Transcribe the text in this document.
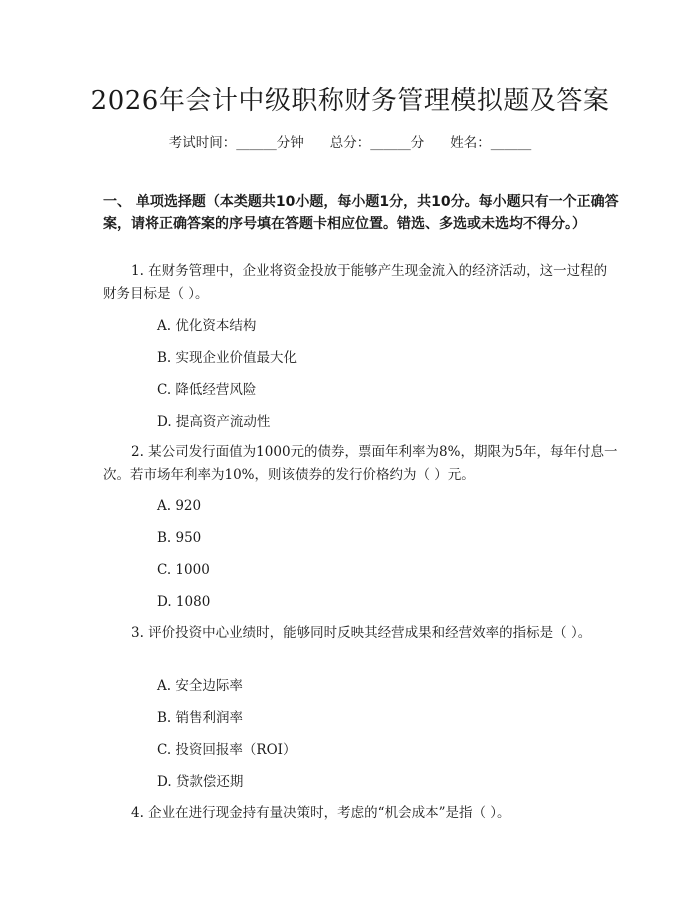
2026年会计中级职称财务管理模拟题及答案
考试时间：______分钟 总分：______分 姓名：______
一、 单项选择题（本类题共10小题，每小题1分，共10分。每小题只有一个正确答案，请将正确答案的序号填在答题卡相应位置。错选、多选或未选均不得分。）
1. 在财务管理中，企业将资金投放于能够产生现金流入的经济活动，这一过程的财务目标是（ ）。
A. 优化资本结构
B. 实现企业价值最大化
C. 降低经营风险
D. 提高资产流动性
2. 某公司发行面值为1000元的债券，票面年利率为8%，期限为5年，每年付息一次。若市场年利率为10%，则该债券的发行价格约为（ ）元。
A. 920
B. 950
C. 1000
D. 1080
3. 评价投资中心业绩时，能够同时反映其经营成果和经营效率的指标是（ ）。
A. 安全边际率
B. 销售利润率
C. 投资回报率（ROI）
D. 贷款偿还期
4. 企业在进行现金持有量决策时，考虑的“机会成本”是指（ ）。
